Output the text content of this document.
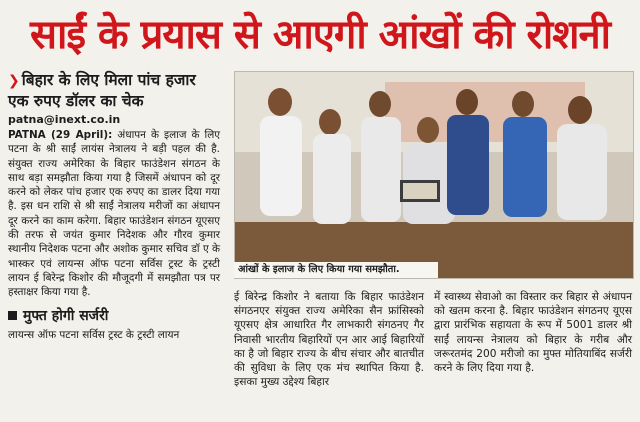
साईं के प्रयास से आएगी आंखों की रोशनी
❯ बिहार के लिए मिला पांच हजार एक रुपए डॉलर का चेक
patna@inext.co.in
PATNA (29 April): अंधापन के इलाज के लिए पटना के श्री साईं लायंस नेत्रालय ने बड़ी पहल की है. संयुक्त राज्य अमेरिका के बिहार फाउंडेशन संगठन के साथ बड़ा समझौता किया गया है जिसमें अंधापन को दूर करने को लेकर पांच हजार एक रुपए का डालर दिया गया है. इस धन राशि से श्री साईं नेत्रालय मरीजों का अंधापन दूर करने का काम करेगा. बिहार फाउंडेशन संगठन यूएसए की तरफ से जयंत कुमार निदेशक और गौरव कुमार स्थानीय निदेशक पटना और अशोक कुमार सचिव डॉ ए के भास्कर एवं लायन्स ऑफ पटना सर्विस ट्रस्ट के ट्रस्टी लायन ई बिरेन्द्र किशोर की मौजूदगी में समझौता पत्र पर हस्ताक्षर किया गया है.
मुफ्त होगी सर्जरी
लायन्स ऑफ पटना सर्विस ट्रस्ट के ट्रस्टी लायन
आंखों के इलाज के लिए किया गया समझौता.
ई बिरेन्द्र किशोर ने बताया कि बिहार फाउंडेशन संगठनएर संयुक्त राज्य अमेरिका सैन फ्रांसिस्को यूएसए क्षेत्र आधारित गैर लाभकारी संगठनए गैर निवासी भारतीय बिहारियों एन आर आई बिहारियों का है जो बिहार राज्य के बीच संचार और बातचीत की सुविधा के लिए एक मंच स्थापित किया है. इसका मुख्य उद्देश्य बिहार
में स्वास्थ्य सेवाओ का विस्तार कर बिहार से अंधापन को खतम करना है. बिहार फाउंडेशन संगठनए यूएस द्वारा प्रारंभिक सहायता के रूप में 5001 डालर श्री साईं लायन्स नेत्रालय को बिहार के गरीब और जरूरतमंद 200 मरीजो का मुफ्त मोतियाबिंद सर्जरी करने के लिए दिया गया है.
